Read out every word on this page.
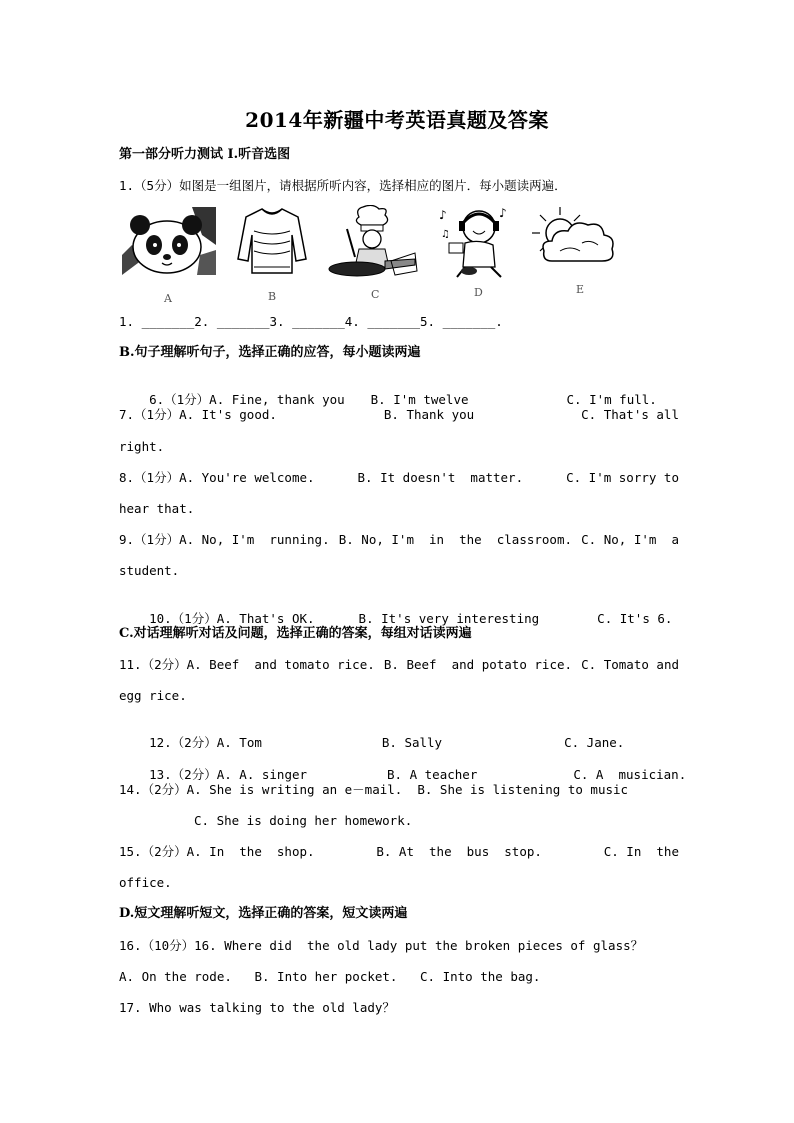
2014年新疆中考英语真题及答案
第一部分听力测试 I.听音选图
1.（5分）如图是一组图片，请根据所听内容，选择相应的图片．每小题读两遍．
♪	♪
♫
A	B	C	D	E
1. _______2. _______3. _______4. _______5. _______.
B.句子理解听句子，选择正确的应答，每小题读两遍

6.（1分）A. Fine, thank you B. I'm twelve	C. I'm full.

7.（1分）A. It's good.	B. Thank you	C. That's all
right.
8.（1分）A. You're welcome.	B. It doesn't  matter.	C. I'm sorry to
hear that.
9.（1分）A. No, I'm  running. B. No, I'm  in  the  classroom. C. No, I'm  a
student.

10.（1分）A. That's OK.	B. It's very interesting	C. It's 6.

C.对话理解听对话及问题，选择正确的答案，每组对话读两遍
11.（2分）A. Beef  and tomato rice. B. Beef  and potato rice. C. Tomato and
egg rice.

12.（2分）A. Tom	B. Sally	C. Jane.

13.（2分）A. A. singer	B. A teacher	C. A  musician.

14.（2分）A. She is writing an e－mail.  B. She is listening to music
C. She is doing her homework.
15.（2分）A. In  the  shop.	B. At  the  bus  stop.	C. In  the
office.
D.短文理解听短文，选择正确的答案，短文读两遍
16.（10分）16. Where did  the old lady put the broken pieces of glass？
A. On the rode.   B. Into her pocket.   C. Into the bag.
17. Who was talking to the old lady？
